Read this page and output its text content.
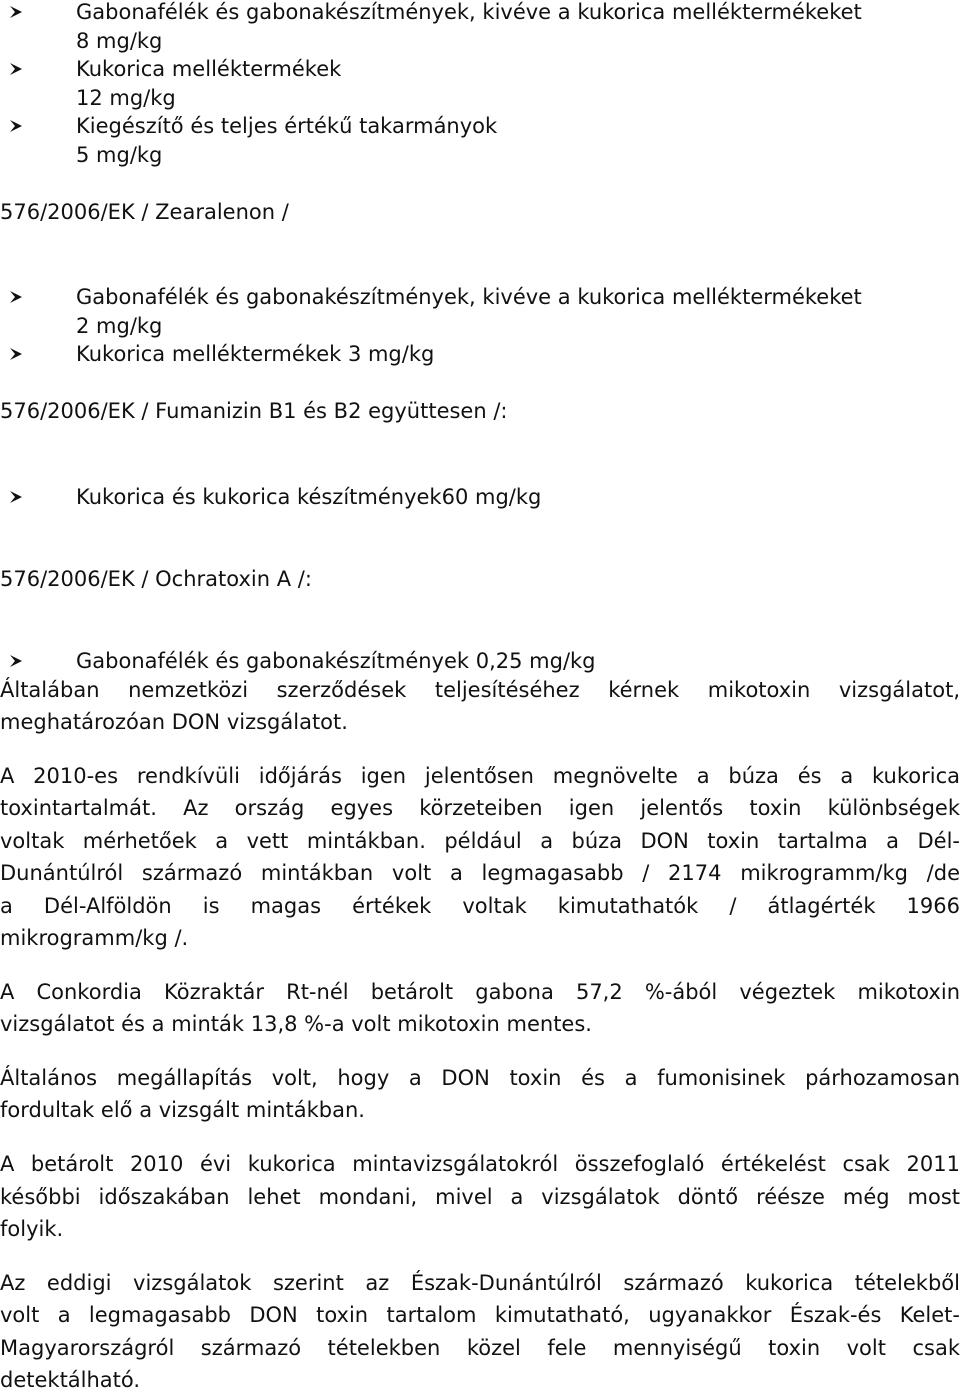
Gabonafélék és gabonakészítmények, kivéve a kukorica melléktermékeket
8 mg/kg
Kukorica melléktermékek
12 mg/kg
Kiegészítő és teljes értékű takarmányok
5 mg/kg
576/2006/EK / Zearalenon /
Gabonafélék és gabonakészítmények, kivéve a kukorica melléktermékeket
2 mg/kg
Kukorica melléktermékek 3 mg/kg
576/2006/EK / Fumanizin B1 és B2 együttesen /:
Kukorica és kukorica készítmények60 mg/kg
576/2006/EK / Ochratoxin A /:
Gabonafélék és gabonakészítmények 0,25 mg/kg
Általában nemzetközi szerződések teljesítéséhez kérnek mikotoxin vizsgálatot,
meghatározóan DON vizsgálatot.
A 2010-es rendkívüli időjárás igen jelentősen megnövelte a búza és a kukorica
toxintartalmát. Az ország egyes körzeteiben igen jelentős toxin különbségek
voltak mérhetőek a vett mintákban. például a búza DON toxin tartalma a Dél-
Dunántúlról származó mintákban volt a legmagasabb / 2174 mikrogramm/kg /de
a Dél-Alföldön is magas értékek voltak kimutathatók / átlagérték 1966
mikrogramm/kg /.
A Conkordia Közraktár Rt-nél betárolt gabona 57,2 %-ából végeztek mikotoxin
vizsgálatot és a minták 13,8 %-a volt mikotoxin mentes.
Általános megállapítás volt, hogy a DON toxin és a fumonisinek párhozamosan
fordultak elő a vizsgált mintákban.
A betárolt 2010 évi kukorica mintavizsgálatokról összefoglaló értékelést csak 2011
későbbi időszakában lehet mondani, mivel a vizsgálatok döntő réésze még most
folyik.
Az eddigi vizsgálatok szerint az Észak-Dunántúlról származó kukorica tételekből
volt a legmagasabb DON toxin tartalom kimutatható, ugyanakkor Észak-és Kelet-
Magyarországról származó tételekben közel fele mennyiségű toxin volt csak
detektálható.
